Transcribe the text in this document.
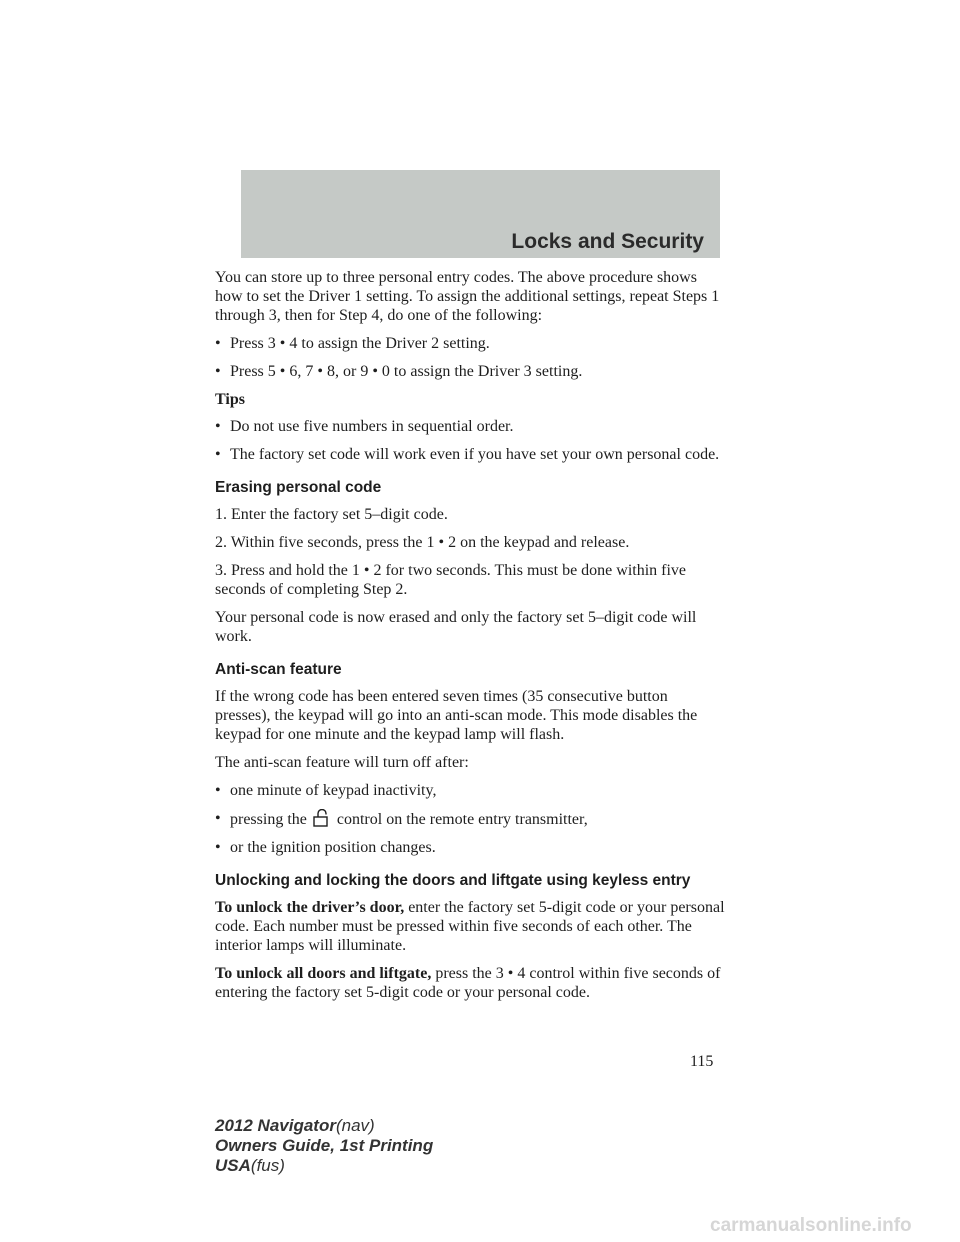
Locks and Security

You can store up to three personal entry codes. The above procedure shows how to set the Driver 1 setting. To assign the additional settings, repeat Steps 1 through 3, then for Step 4, do one of the following:

• Press 3 • 4 to assign the Driver 2 setting.
• Press 5 • 6, 7 • 8, or 9 • 0 to assign the Driver 3 setting.
Tips
• Do not use five numbers in sequential order.
• The factory set code will work even if you have set your own personal code.
Erasing personal code

1. Enter the factory set 5–digit code.

2. Within five seconds, press the 1 • 2 on the keypad and release.

3. Press and hold the 1 • 2 for two seconds. This must be done within five seconds of completing Step 2.

Your personal code is now erased and only the factory set 5–digit code will work.

Anti-scan feature

If the wrong code has been entered seven times (35 consecutive button presses), the keypad will go into an anti-scan mode. This mode disables the keypad for one minute and the keypad lamp will flash.

The anti-scan feature will turn off after:

• one minute of keypad inactivity,
• pressing the control on the remote entry transmitter,
• or the ignition position changes.
Unlocking and locking the doors and liftgate using keyless entry

To unlock the driver’s door, enter the factory set 5-digit code or your personal code. Each number must be pressed within five seconds of each other. The interior lamps will illuminate.

To unlock all doors and liftgate, press the 3 • 4 control within five seconds of entering the factory set 5-digit code or your personal code.

115
2012 Navigator(nav)
Owners Guide, 1st Printing
USA(fus)
carmanualsonline.info
